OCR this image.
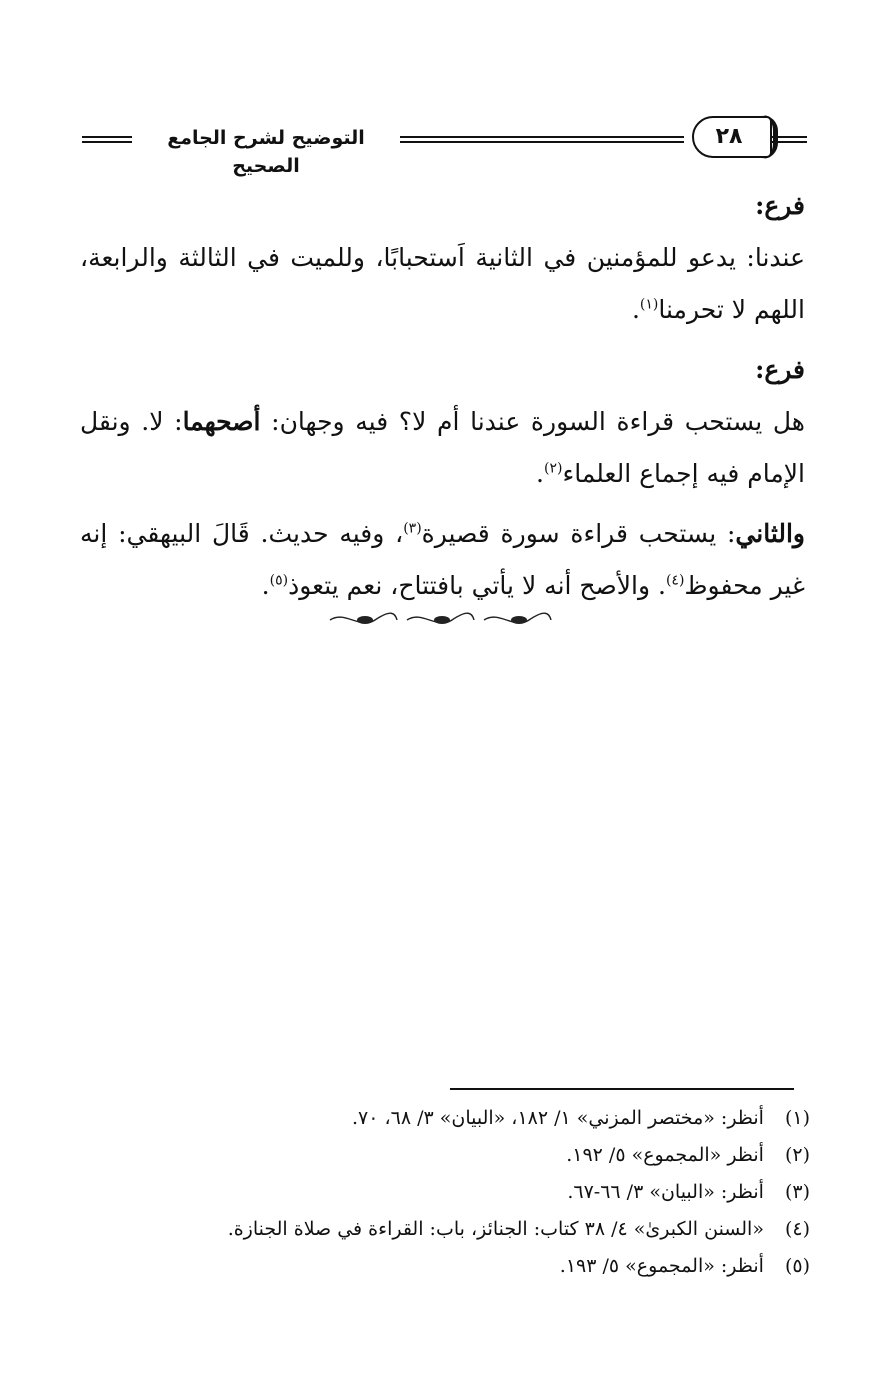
التوضيح لشرح الجامع الصحيح
٢٨

فرع:

عندنا: يدعو للمؤمنين في الثانية اَستحبابًا، وللميت في الثالثة والرابعة، اللهم لا تحرمنا$^{(١)}$.

فرع:

هل يستحب قراءة السورة عندنا أم لا؟ فيه وجهان: أصحهما: لا. ونقل الإمام فيه إجماع العلماء$^{(٢)}$.

والثاني: يستحب قراءة سورة قصيرة$^{(٣)}$، وفيه حديث. قَالَ البيهقي: إنه غير محفوظ$^{(٤)}$. والأصح أنه لا يأتي بافتتاح، نعم يتعوذ$^{(٥)}$.

(١) أنظر: «مختصر المزني» ١/ ١٨٢، «البيان» ٣/ ٦٨، ٧٠.
(٢) أنظر «المجموع» ٥/ ١٩٢.
(٣) أنظر: «البيان» ٣/ ٦٦-٦٧.
(٤) «السنن الكبرىٰ» ٤/ ٣٨ كتاب: الجنائز، باب: القراءة في صلاة الجنازة.
(٥) أنظر: «المجموع» ٥/ ١٩٣.
